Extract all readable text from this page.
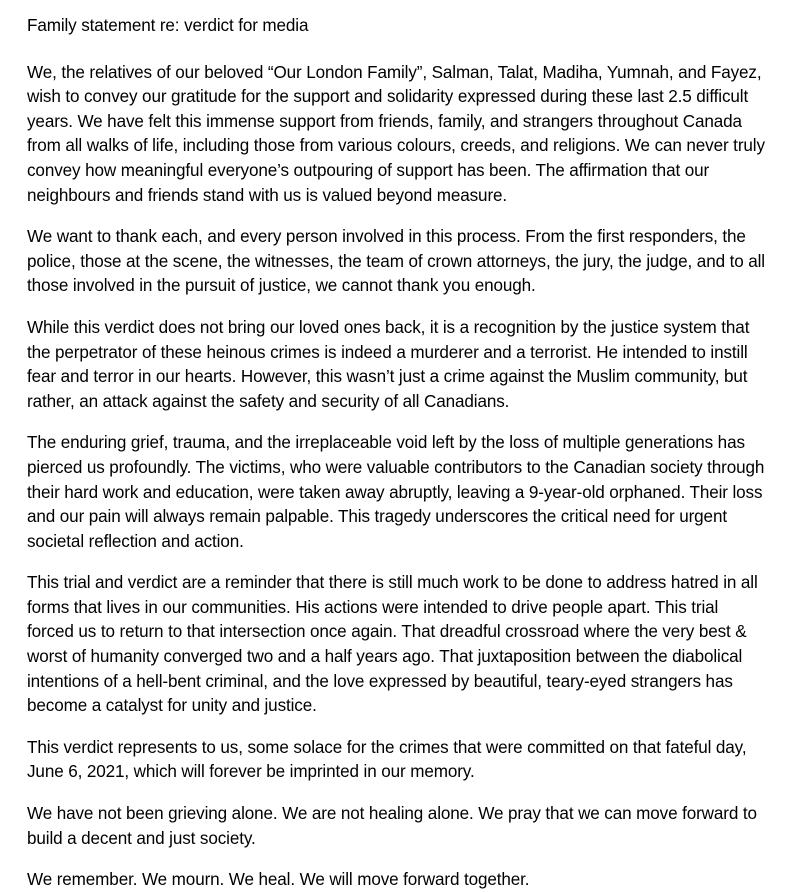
Family statement re: verdict for media

We, the relatives of our beloved “Our London Family”, Salman, Talat, Madiha, Yumnah, and Fayez, wish to convey our gratitude for the support and solidarity expressed during these last 2.5 difficult years. We have felt this immense support from friends, family, and strangers throughout Canada from all walks of life, including those from various colours, creeds, and religions. We can never truly convey how meaningful everyone’s outpouring of support has been. The affirmation that our neighbours and friends stand with us is valued beyond measure.

We want to thank each, and every person involved in this process. From the first responders, the police, those at the scene, the witnesses, the team of crown attorneys, the jury, the judge, and to all those involved in the pursuit of justice, we cannot thank you enough.

While this verdict does not bring our loved ones back, it is a recognition by the justice system that the perpetrator of these heinous crimes is indeed a murderer and a terrorist. He intended to instill fear and terror in our hearts. However, this wasn’t just a crime against the Muslim community, but rather, an attack against the safety and security of all Canadians.

The enduring grief, trauma, and the irreplaceable void left by the loss of multiple generations has pierced us profoundly. The victims, who were valuable contributors to the Canadian society through their hard work and education, were taken away abruptly, leaving a 9-year-old orphaned. Their loss and our pain will always remain palpable. This tragedy underscores the critical need for urgent societal reflection and action.

This trial and verdict are a reminder that there is still much work to be done to address hatred in all forms that lives in our communities. His actions were intended to drive people apart. This trial forced us to return to that intersection once again. That dreadful crossroad where the very best & worst of humanity converged two and a half years ago. That juxtaposition between the diabolical intentions of a hell-bent criminal, and the love expressed by beautiful, teary-eyed strangers has become a catalyst for unity and justice.

This verdict represents to us, some solace for the crimes that were committed on that fateful day, June 6, 2021, which will forever be imprinted in our memory.

We have not been grieving alone. We are not healing alone. We pray that we can move forward to build a decent and just society.

We remember. We mourn. We heal. We will move forward together.
